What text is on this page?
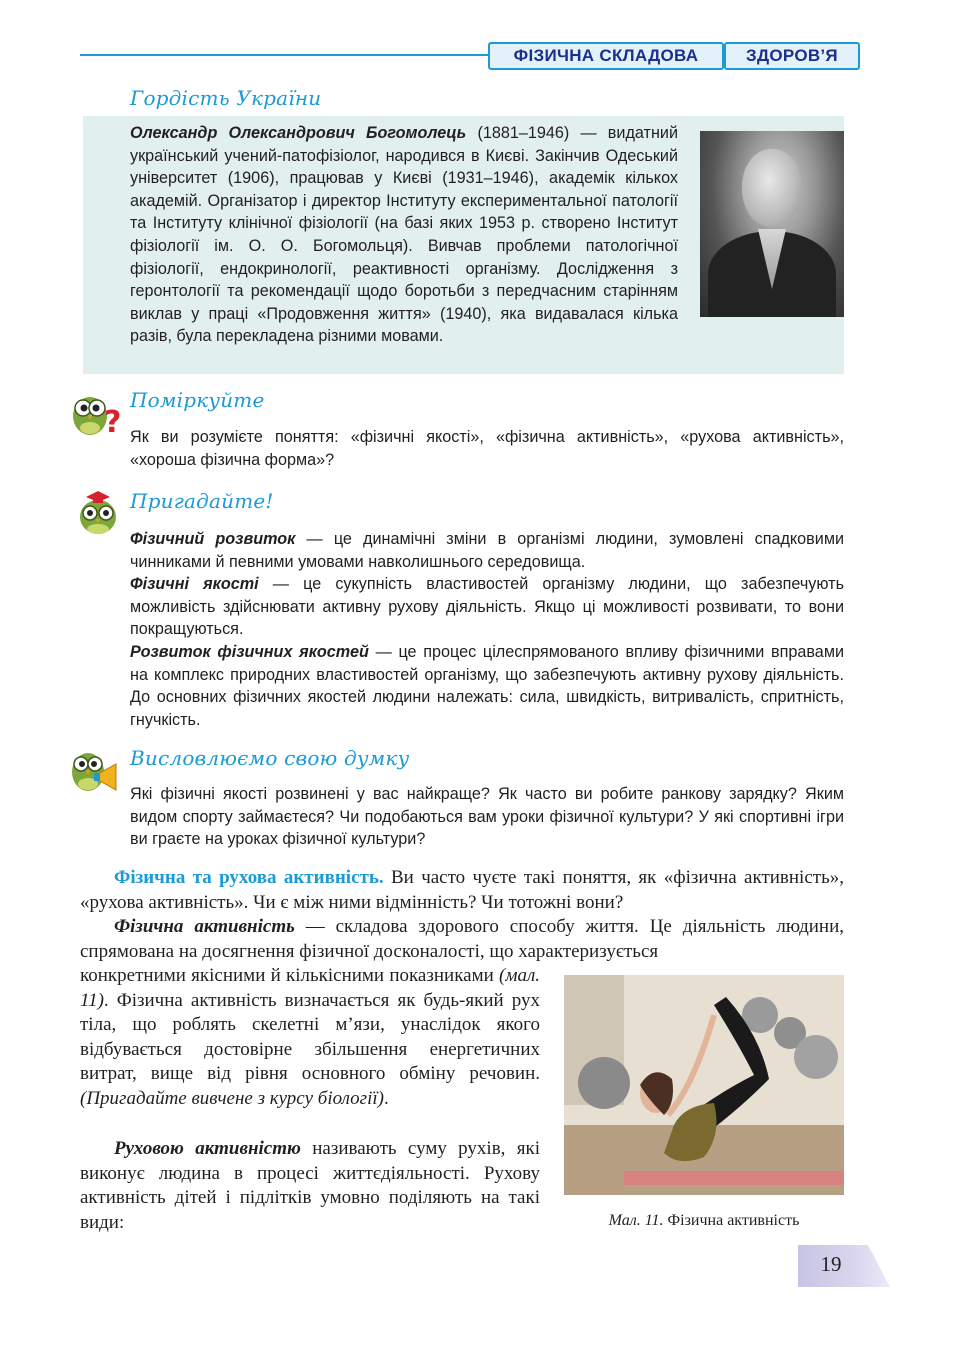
ФІЗИЧНА СКЛАДОВА	ЗДОРОВ’Я
Гордість України
Олександр Олександрович Богомолець (1881–1946) — видатний український учений-патофізіолог, народився в Києві. Закінчив Одеський університет (1906), працював у Києві (1931–1946), академік кількох академій. Організатор і директор Інституту експериментальної патології та Інституту клінічної фізіології (на базі яких 1953 р. створено Інститут фізіології ім. О. О. Богомольця). Вивчав проблеми патологічної фізіології, ендокринології, реактивності організму. Дослідження з геронтології та рекомендації щодо боротьби з передчасним старінням виклав у праці «Продовження життя» (1940), яка видавалася кілька разів, була перекладена різними мовами.
?
Поміркуйте
Як ви розумієте поняття: «фізичні якості», «фізична активність», «рухова активність», «хороша фізична форма»?
Пригадайте!
Фізичний розвиток — це динамічні зміни в організмі людини, зумовлені спадковими чинниками й певними умовами навколишнього середовища.
Фізичні якості — це сукупність властивостей організму людини, що забезпечують можливість здійснювати активну рухову діяльність. Якщо ці можливості розвивати, то вони покращуються.
Розвиток фізичних якостей — це процес цілеспрямованого впливу фізичними вправами на комплекс природних властивостей організму, що забезпечують активну рухову діяльність. До основних фізичних якостей людини належать: сила, швидкість, витривалість, спритність, гнучкість.
Висловлюємо свою думку
Які фізичні якості розвинені у вас найкраще? Як часто ви робите ранкову зарядку? Яким видом спорту займаєтеся? Чи подобаються вам уроки фізичної культури? У які спортивні ігри ви граєте на уроках фізичної культури?
Фізична та рухова активність. Ви часто чуєте такі поняття, як «фізична активність», «рухова активність». Чи є між ними відмінність? Чи тотожні вони?
Фізична активність — складова здорового способу життя. Це діяльність людини, спрямована на досягнення фізичної досконалості, що характеризується
конкретними якісними й кількісними показниками (мал. 11). Фізична активність визначається як будь-який рух тіла, що роблять скелетні м’язи, унаслідок якого відбувається достовірне збільшення енергетичних витрат, вище від рівня основного обміну речовин. (Пригадайте вивчене з курсу біології).
Руховою активністю називають суму рухів, які виконує людина в процесі життєдіяльності. Рухову активність дітей і підлітків умовно поділяють на такі види:	Мал. 11. Фізична активність
19
